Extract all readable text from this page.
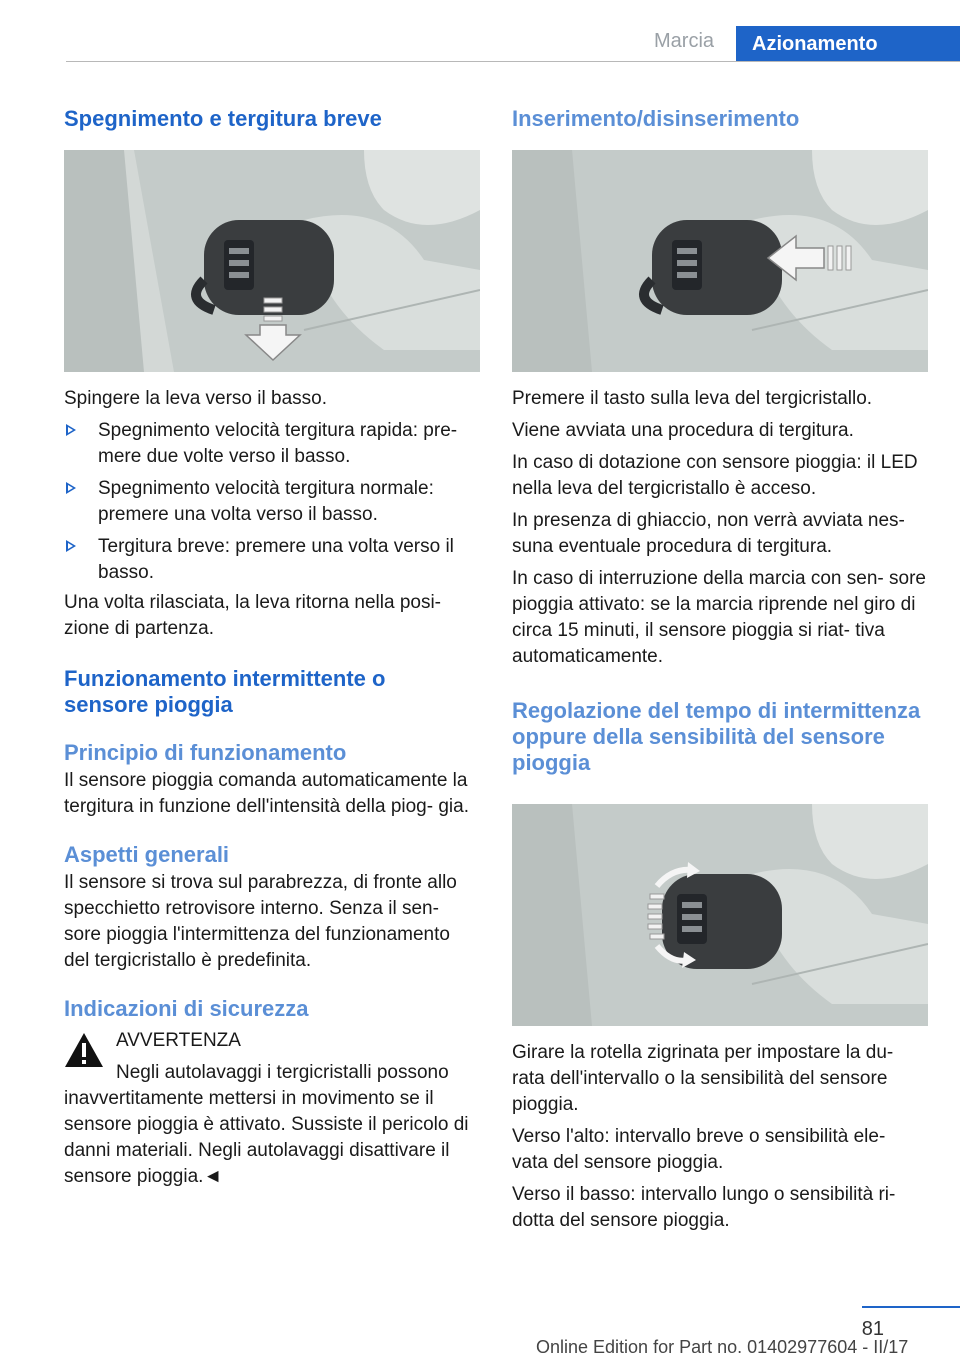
Marcia	Azionamento
Spegnimento e tergitura breve

Spingere la leva verso il basso.

Spegnimento velocità tergitura rapida: pre-
mere due volte verso il basso.
Spegnimento velocità tergitura normale:
premere una volta verso il basso.
Tergitura breve: premere una volta verso il
basso.

Una volta rilasciata, la leva ritorna nella posi-
zione di partenza.

Funzionamento intermittente o sensore pioggia
Principio di funzionamento

Il sensore pioggia comanda automaticamente la tergitura in funzione dell'intensità della piog- gia.

Aspetti generali

Il sensore si trova sul parabrezza, di fronte allo specchietto retrovisore interno. Senza il sen- sore pioggia l'intermittenza del funzionamento del tergicristallo è predefinita.

Indicazioni di sicurezza

AVVERTENZA

Negli autolavaggi i tergicristalli possono

inavvertitamente mettersi in movimento se il sensore pioggia è attivato. Sussiste il pericolo di danni materiali. Negli autolavaggi disattivare il sensore pioggia.◄

Inserimento/disinserimento

Premere il tasto sulla leva del tergicristallo.

Viene avviata una procedura di tergitura.

In caso di dotazione con sensore pioggia: il LED nella leva del tergicristallo è acceso.

In presenza di ghiaccio, non verrà avviata nes- suna eventuale procedura di tergitura.

In caso di interruzione della marcia con sen- sore pioggia attivato: se la marcia riprende nel giro di circa 15 minuti, il sensore pioggia si riat- tiva automaticamente.

Regolazione del tempo di intermittenza oppure della sensibilità del sensore pioggia

Girare la rotella zigrinata per impostare la du-
rata dell'intervallo o la sensibilità del sensore pioggia.

Verso l'alto: intervallo breve o sensibilità ele-
vata del sensore pioggia.

Verso il basso: intervallo lungo o sensibilità ri-
dotta del sensore pioggia.

81
Online Edition for Part no. 01402977604 - II/17
